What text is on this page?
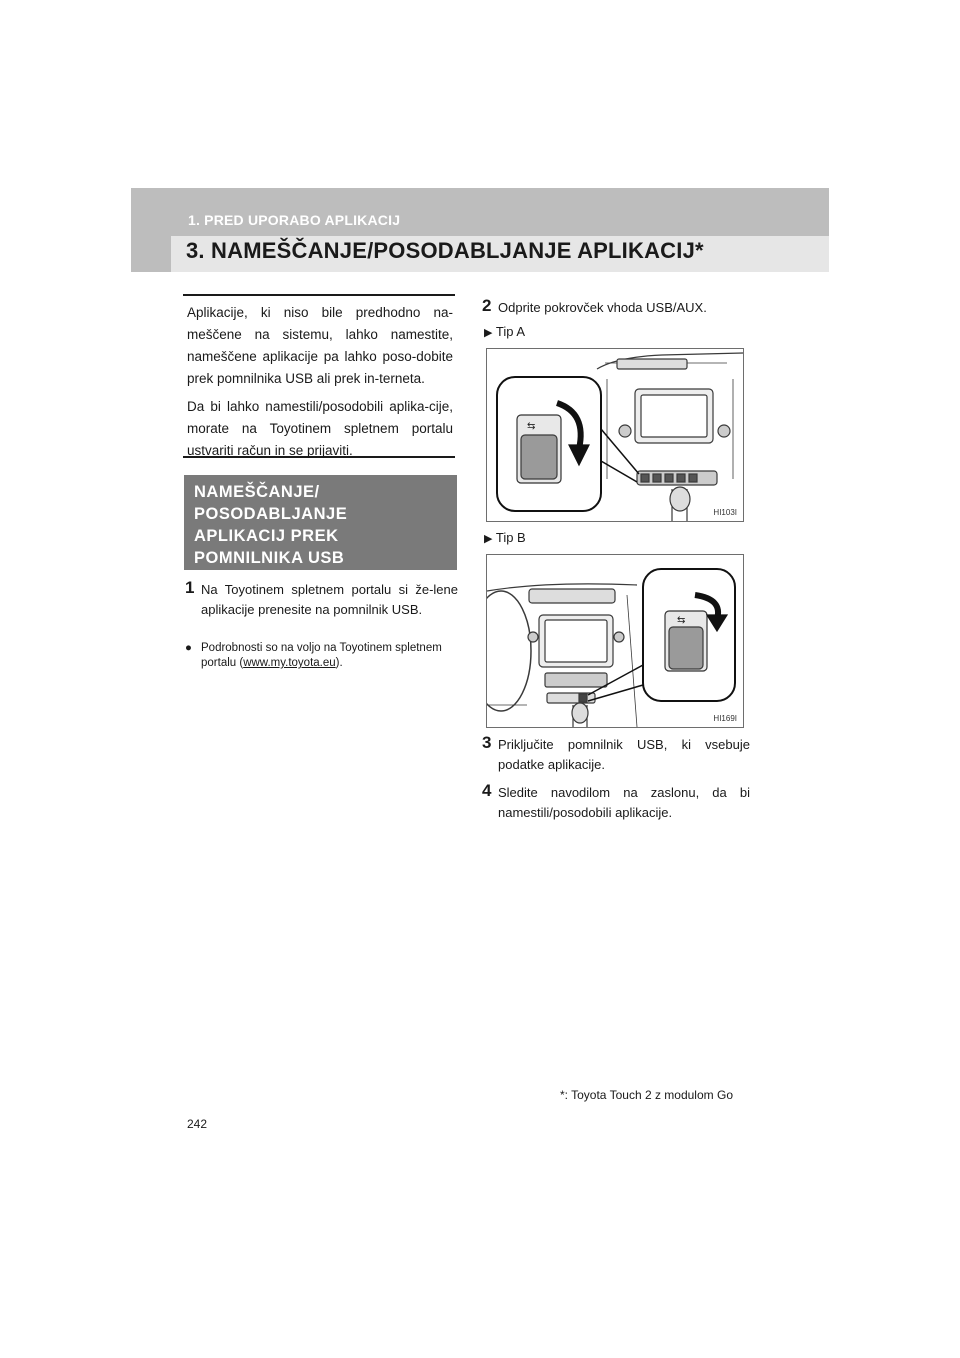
1. PRED UPORABO APLIKACIJ
3. NAMEŠČANJE/POSODABLJANJE APLIKACIJ*

Aplikacije, ki niso bile predhodno na-meščene na sistemu, lahko namestite, nameščene aplikacije pa lahko poso-dobite prek pomnilnika USB ali prek in-terneta.

Da bi lahko namestili/posodobili aplika-cije, morate na Toyotinem spletnem portalu ustvariti račun in se prijaviti.

NAMEŠČANJE/
POSODABLJANJE
APLIKACIJ PREK
POMNILNIKA USB
1 Na Toyotinem spletnem portalu si že-lene aplikacije prenesite na pomnilnik USB.
● Podrobnosti so na voljo na Toyotinem spletnem portalu (www.my.toyota.eu).
2 Odprite pokrovček vhoda USB/AUX.
▶ Tip A
⇆
HI103I
▶ Tip B
⇆
HI169I
3 Priključite pomnilnik USB, ki vsebuje podatke aplikacije.
4 Sledite navodilom na zaslonu, da bi namestili/posodobili aplikacije.
*: Toyota Touch 2 z modulom Go
242
